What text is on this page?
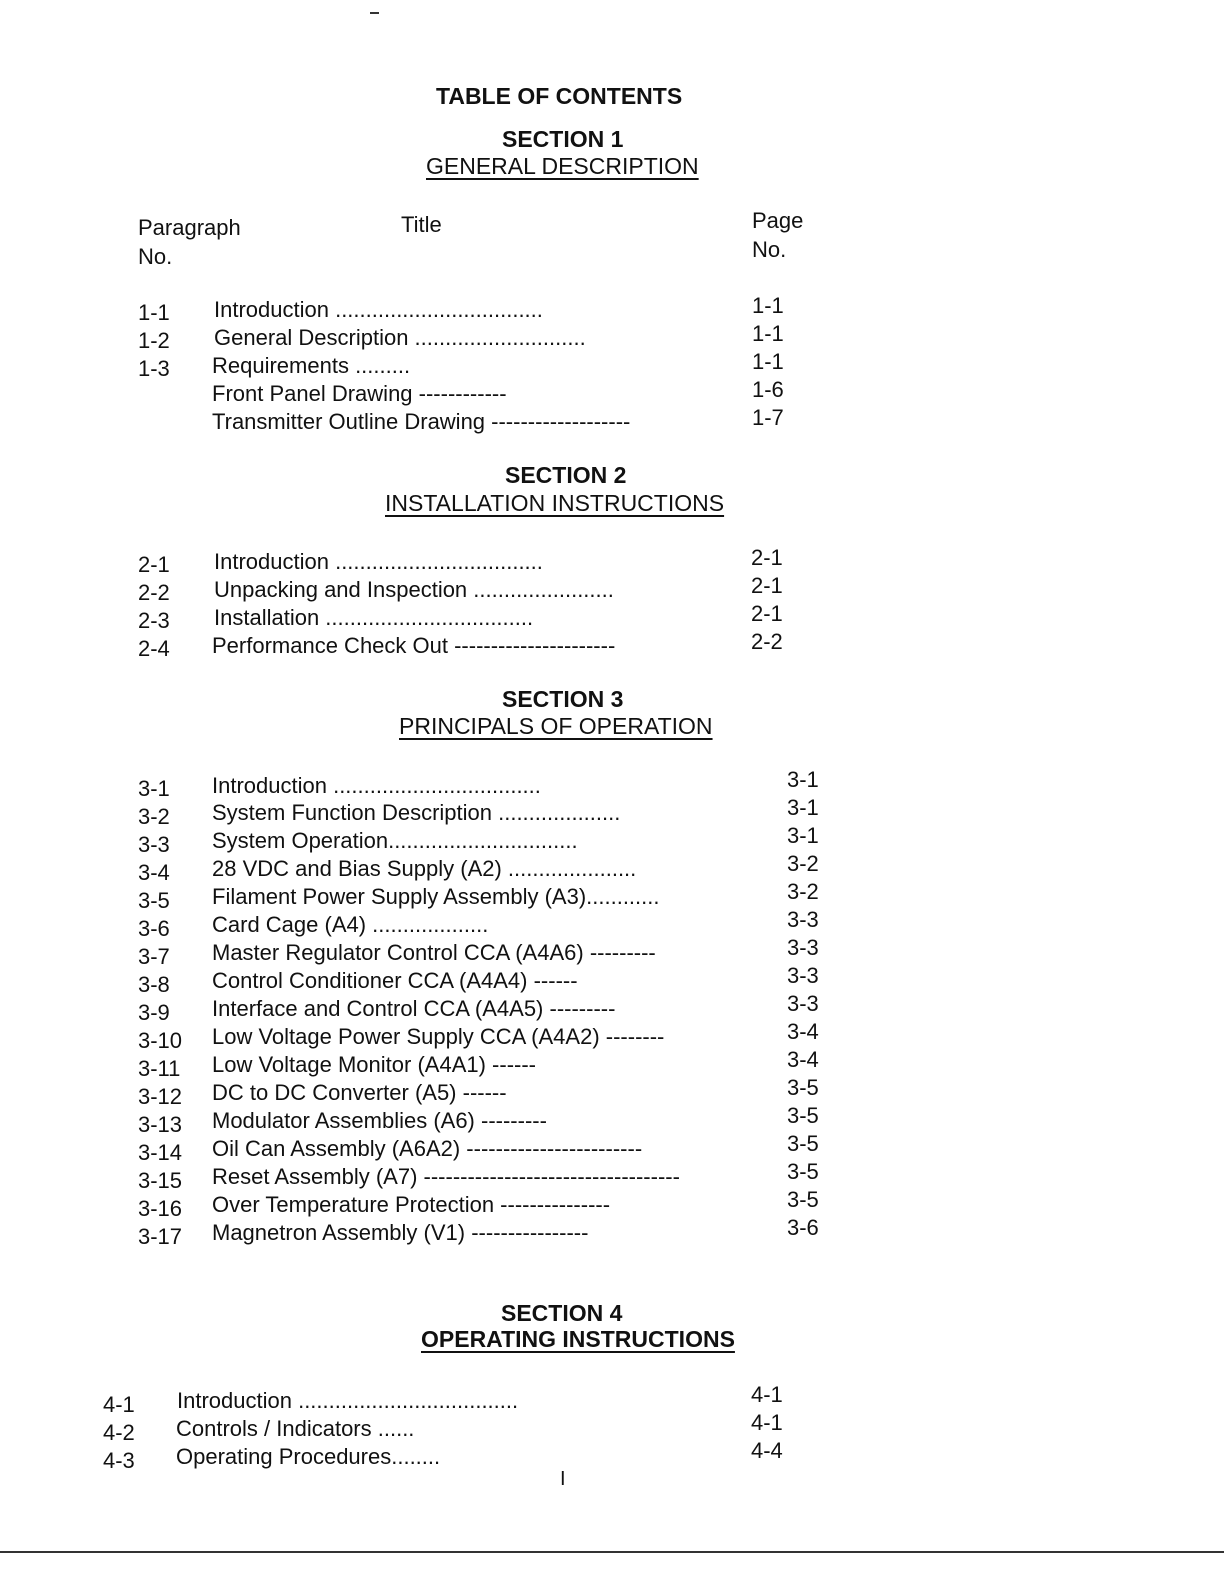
TABLE OF CONTENTS
SECTION 1
GENERAL DESCRIPTION
Paragraph
No.
Title	Page
No.
1-1 Introduction ..................................	1-1
1-2 General Description ............................	1-1
1-3 Requirements .........	1-1
Front Panel Drawing ------------	1-6
Transmitter Outline Drawing -------------------	1-7
SECTION 2
INSTALLATION INSTRUCTIONS
2-1 Introduction ..................................	2-1
2-2 Unpacking and Inspection .......................	2-1
2-3 Installation ..................................	2-1
2-4 Performance Check Out ----------------------	2-2
SECTION 3
PRINCIPALS OF OPERATION
3-1 Introduction ..................................	3-1
3-2 System Function Description ....................	3-1
3-3 System Operation...............................	3-1
3-4 28 VDC and Bias Supply (A2) .....................	3-2
3-5 Filament Power Supply Assembly (A3)............	3-2
3-6 Card Cage (A4) ...................	3-3
3-7 Master Regulator Control CCA (A4A6) ---------	3-3
3-8 Control Conditioner CCA (A4A4) ------	3-3
3-9 Interface and Control CCA (A4A5) ---------	3-3
3-10 Low Voltage Power Supply CCA (A4A2) --------	3-4
3-11 Low Voltage Monitor (A4A1) ------	3-4
3-12 DC to DC Converter (A5) ------	3-5
3-13 Modulator Assemblies (A6) ---------	3-5
3-14 Oil Can Assembly (A6A2) ------------------------	3-5
3-15 Reset Assembly (A7) -----------------------------------	3-5
3-16 Over Temperature Protection ---------------	3-5
3-17 Magnetron Assembly (V1) ----------------	3-6
SECTION 4
OPERATING INSTRUCTIONS
4-1 Introduction ....................................	4-1
4-2 Controls / Indicators ......	4-1
4-3 Operating Procedures........	4-4
I
